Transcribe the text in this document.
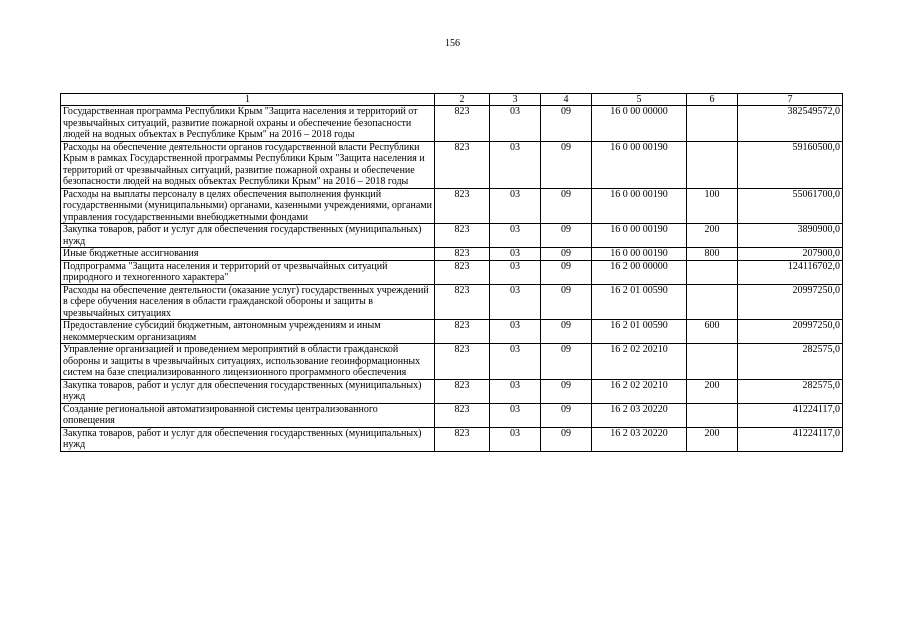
156
1	2	3	4	5	6	7
Государственная программа Республики Крым "Защита населения и территорий от чрезвычайных ситуаций, развитие пожарной охраны и обеспечение безопасности людей на водных объектах в Республике Крым" на 2016 – 2018 годы	823	03	09	16 0 00 00000		382549572,0
Расходы на обеспечение деятельности органов государственной власти Республики Крым в рамках Государственной программы Республики Крым "Защита населения и территорий от чрезвычайных ситуаций, развитие пожарной охраны и обеспечение безопасности людей на водных объектах Республики Крым" на 2016 – 2018 годы	823	03	09	16 0 00 00190		59160500,0
Расходы на выплаты персоналу в целях обеспечения выполнения функций государственными (муниципальными) органами, казенными учреждениями, органами управления государственными внебюджетными фондами	823	03	09	16 0 00 00190	100	55061700,0
Закупка товаров, работ и услуг для обеспечения государственных (муниципальных) нужд	823	03	09	16 0 00 00190	200	3890900,0
Иные бюджетные ассигнования	823	03	09	16 0 00 00190	800	207900,0
Подпрограмма "Защита населения и территорий от чрезвычайных ситуаций природного и техногенного характера"	823	03	09	16 2 00 00000		124116702,0
Расходы на обеспечение деятельности (оказание услуг) государственных учреждений в сфере обучения населения в области гражданской обороны и защиты в чрезвычайных ситуациях	823	03	09	16 2 01 00590		20997250,0
Предоставление субсидий бюджетным, автономным учреждениям и иным некоммерческим организациям	823	03	09	16 2 01 00590	600	20997250,0
Управление организацией и проведением мероприятий в области гражданской обороны и защиты в чрезвычайных ситуациях, использование геоинформационных систем на базе специализированного лицензионного программного обеспечения	823	03	09	16 2 02 20210		282575,0
Закупка товаров, работ и услуг для обеспечения государственных (муниципальных) нужд	823	03	09	16 2 02 20210	200	282575,0
Создание региональной автоматизированной системы централизованного оповещения	823	03	09	16 2 03 20220		41224117,0
Закупка товаров, работ и услуг для обеспечения государственных (муниципальных) нужд	823	03	09	16 2 03 20220	200	41224117,0
